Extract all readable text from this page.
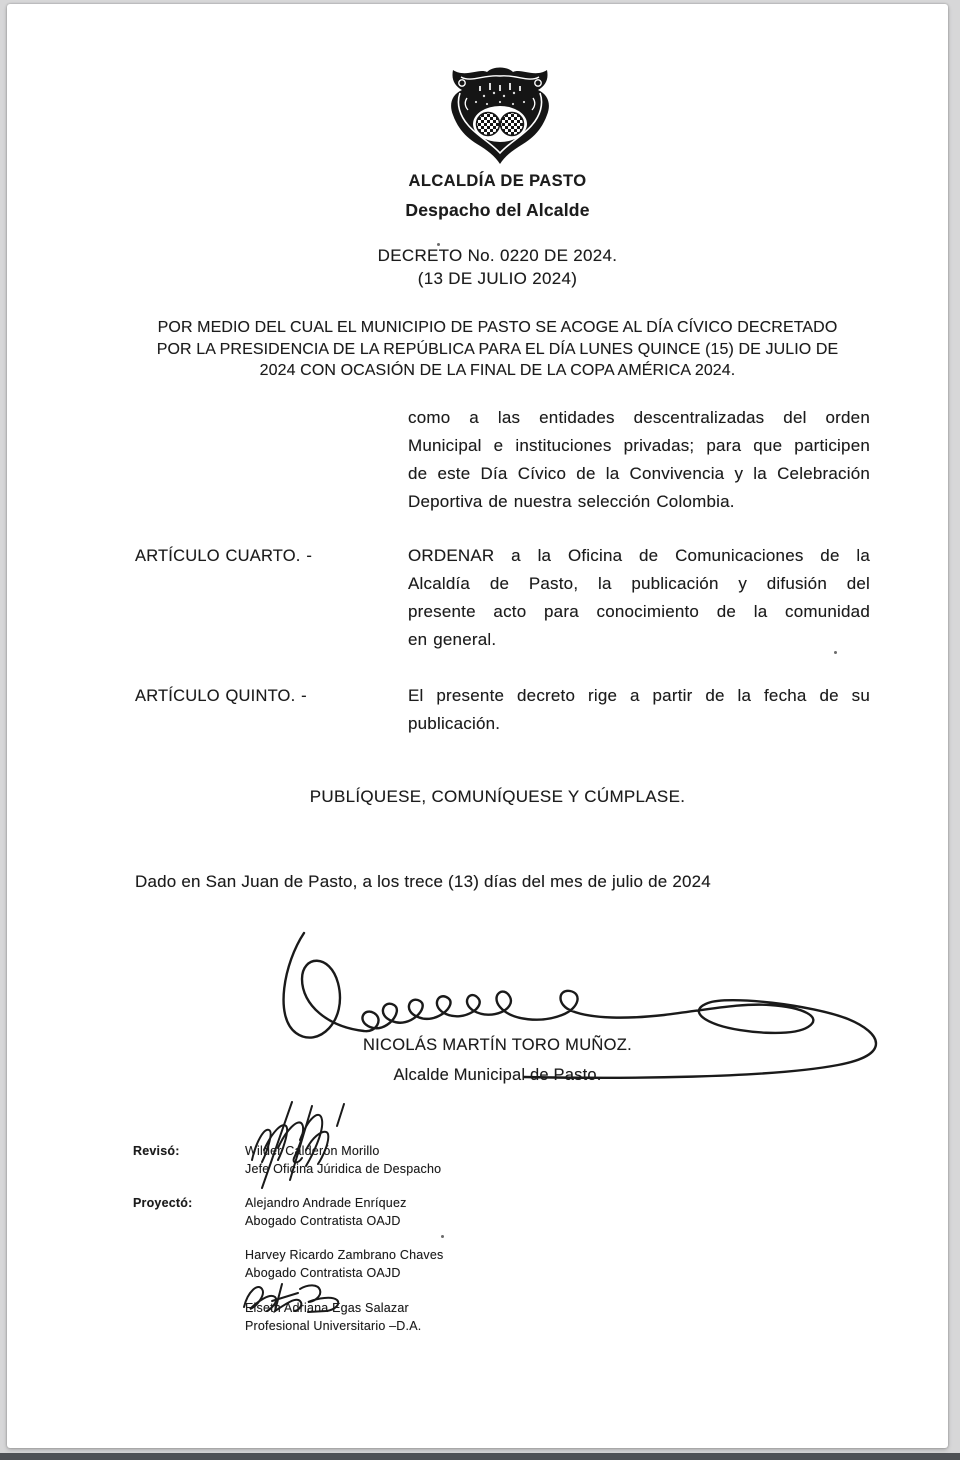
ALCALDÍA DE PASTO
Despacho del Alcalde
DECRETO No. 0220 DE 2024.
(13 DE JULIO 2024)
POR MEDIO DEL CUAL EL MUNICIPIO DE PASTO SE ACOGE AL DÍA CÍVICO DECRETADO
POR LA PRESIDENCIA DE LA REPÚBLICA PARA EL DÍA LUNES QUINCE (15) DE JULIO DE
2024 CON OCASIÓN DE LA FINAL DE LA COPA AMÉRICA 2024.
como a las entidades descentralizadas del orden
Municipal e instituciones privadas; para que participen
de este Día Cívico de la Convivencia y la Celebración
Deportiva de nuestra selección Colombia.
ARTÍCULO CUARTO. -	ORDENAR a la Oficina de Comunicaciones de la
Alcaldía de Pasto, la publicación y difusión del
presente acto para conocimiento de la comunidad
en general.
ARTÍCULO QUINTO. -	El presente decreto rige a partir de la fecha de su
publicación.
PUBLÍQUESE, COMUNÍQUESE Y CÚMPLASE.
Dado en San Juan de Pasto, a los trece (13) días del mes de julio de 2024
NICOLÁS MARTÍN TORO MUÑOZ.
Alcalde Municipal de Pasto.
Revisó:	Wilder Calderón Morillo
Jefe Oficina Júridica de Despacho
Proyectó:	Alejandro Andrade Enríquez
Abogado Contratista OAJD
Harvey Ricardo Zambrano Chaves
Abogado Contratista OAJD
Elseth Adriana Egas Salazar
Profesional Universitario –D.A.
